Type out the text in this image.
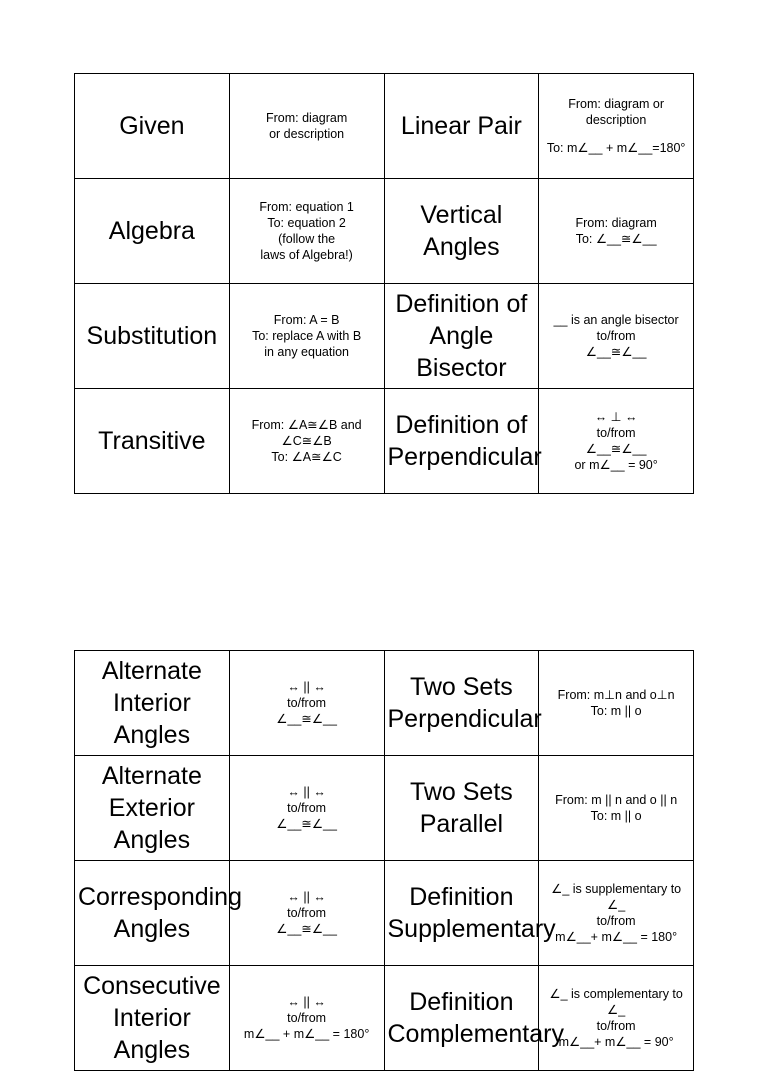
Given	From: diagram
or description	Linear Pair	From: diagram or
description
To: m∠__ + m∠__=180°

Algebra	From: equation 1
To: equation 2
(follow the
laws of Algebra!)	Vertical Angles	From: diagram
To: ∠__≅∠__

Substitution	From: A = B
To: replace A with B
in any equation	Definition of Angle Bisector	__ is an angle bisector
to/from
∠__≅∠__

Transitive	From: ∠A≅∠B and
∠C≅∠B
To: ∠A≅∠C	Definition of Perpendicular	↔ ⊥ ↔
to/from
∠__≅∠__
or m∠__ = 90°
Alternate Interior Angles	↔ || ↔
to/from
∠__≅∠__	Two Sets Perpendicular	From: m⊥n and o⊥n
To: m || o

Alternate Exterior Angles	↔ || ↔
to/from
∠__≅∠__	Two Sets Parallel	From: m || n and o || n
To: m || o

Corresponding Angles	↔ || ↔
to/from
∠__≅∠__	Definition Supplementary	∠_ is supplementary to
∠_
to/from
m∠__+ m∠__ = 180°

Consecutive Interior Angles	↔ || ↔
to/from
m∠__ + m∠__ = 180°	Definition Complementary	∠_ is complementary to
∠_
to/from
m∠__+ m∠__ = 90°
